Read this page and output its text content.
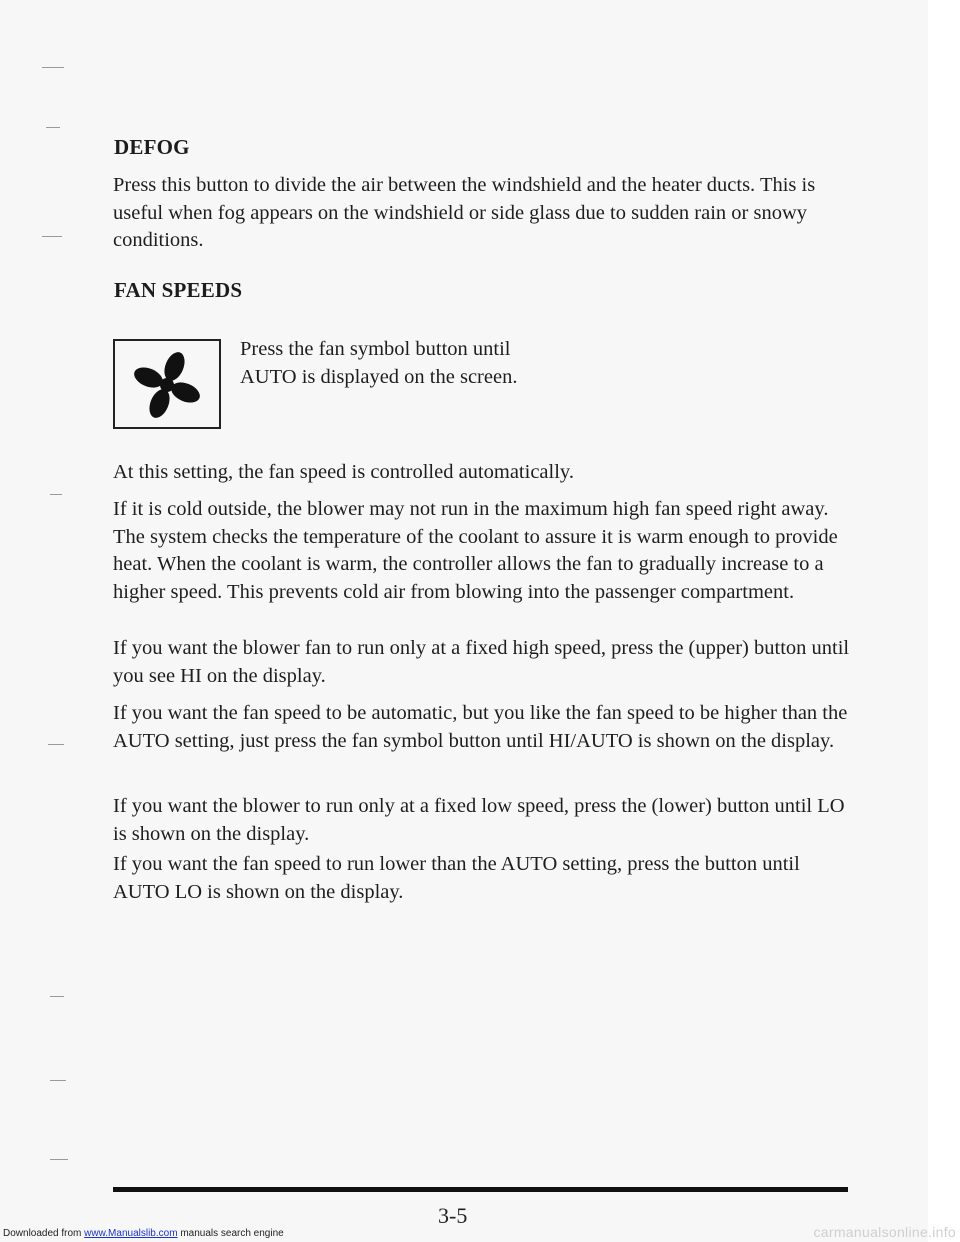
DEFOG

Press this button to divide the air between the windshield and the heater ducts. This is useful when fog appears on the windshield or side glass due to sudden rain or snowy conditions.

FAN SPEEDS

Press the fan symbol button until AUTO is displayed on the screen.

At this setting, the fan speed is controlled automatically.

If it is cold outside, the blower may not run in the maximum high fan speed right away. The system checks the temperature of the coolant to assure it is warm enough to provide heat. When the coolant is warm, the controller allows the fan to gradually increase to a higher speed. This prevents cold air from blowing into the passenger compartment.

If you want the blower fan to run only at a fixed high speed, press the (upper) button until you see HI on the display.

If you want the fan speed to be automatic, but you like the fan speed to be higher than the AUTO setting, just press the fan symbol button until HI/AUTO is shown on the display.

If you want the blower to run only at a fixed low speed, press the (lower) button until LO is shown on the display.

If you want the fan speed to run lower than the AUTO setting, press the button until AUTO LO is shown on the display.

3-5
Downloaded from www.Manualslib.com manuals search engine	carmanualsonline.info
